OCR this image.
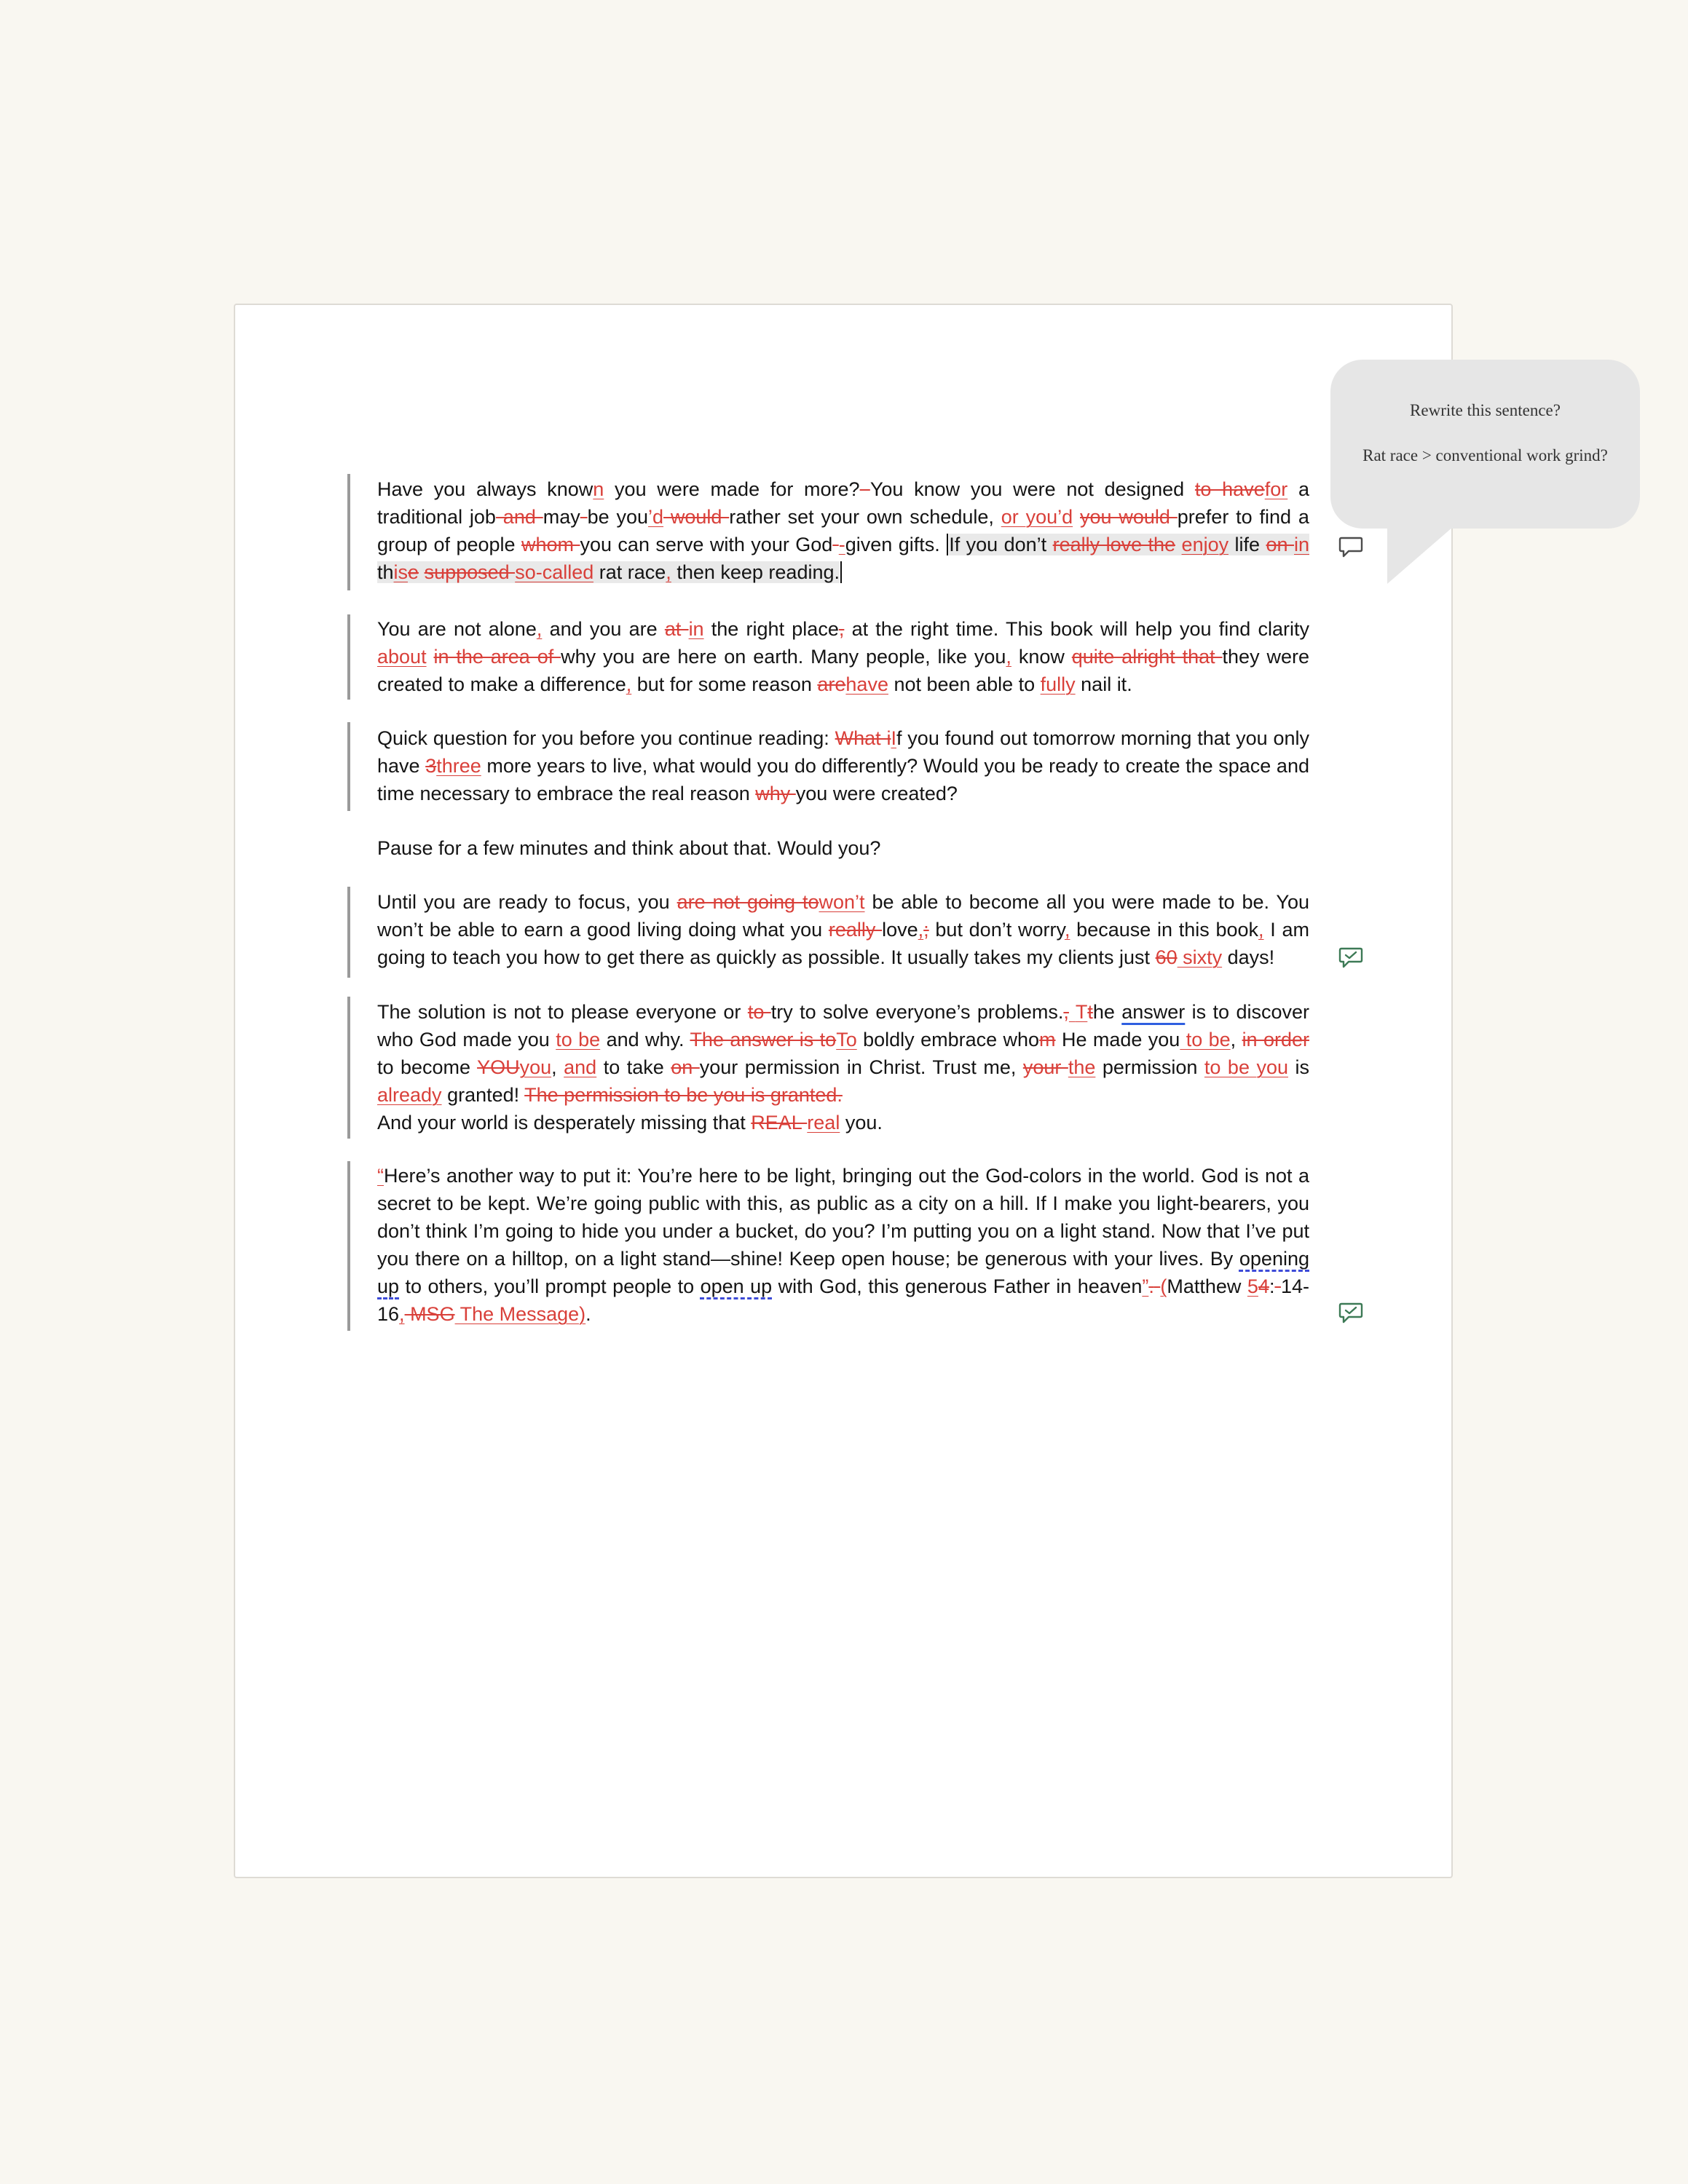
Have you always known you were made for more? You know you were not designed to havefor a traditional job and may be you’d would rather set your own schedule, or you’d you would prefer to find a group of people whom you can serve with your God -given gifts. If you don’t really love the enjoy life on in thise supposed so-called rat race, then keep reading.
You are not alone, and you are at in the right place, at the right time. This book will help you find clarity about in the area of why you are here on earth. Many people, like you, know quite alright that they were created to make a difference, but for some reason arehave not been able to fully nail it.
Quick question for you before you continue reading: What iIf you found out tomorrow morning that you only have 3three more years to live, what would you do differently? Would you be ready to create the space and time necessary to embrace the real reason why you were created?
Pause for a few minutes and think about that. Would you?
Until you are ready to focus, you are not going towon’t be able to become all you were made to be. You won’t be able to earn a good living doing what you really love,; but don’t worry, because in this book, I am going to teach you how to get there as quickly as possible. It usually takes my clients just 60 sixty days!
The solution is not to please everyone or to try to solve everyone’s problems., Tthe answer is to discover who God made you to be and why. The answer is toTo boldly embrace whom He made you to be, in order to become YOUyou, and to take on your permission in Christ. Trust me, your the permission to be you is already granted! The permission to be you is granted.
And your world is desperately missing that REAL real you.
“Here’s another way to put it: You’re here to be light, bringing out the God-colors in the world. God is not a secret to be kept. We’re going public with this, as public as a city on a hill. If I make you light-bearers, you don’t think I’m going to hide you under a bucket, do you? I’m putting you on a light stand. Now that I’ve put you there on a hilltop, on a light stand—shine! Keep open house; be generous with your lives. By opening up to others, you’ll prompt people to open up with God, this generous Father in heaven”. (Matthew 54: 14-16, MSG The Message).
Rewrite this sentence?
Rat race > conventional work grind?
